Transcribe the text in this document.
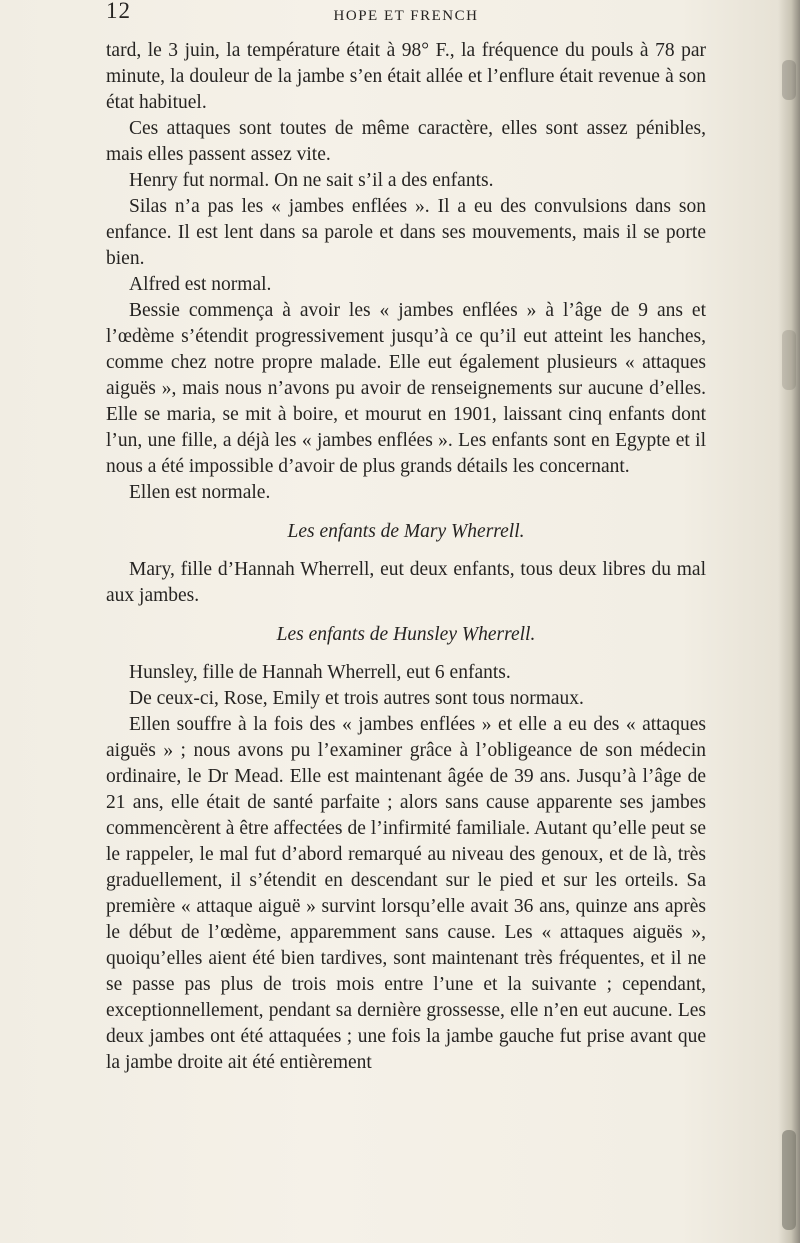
12	HOPE ET FRENCH

tard, le 3 juin, la température était à 98° F., la fréquence du pouls à 78 par minute, la douleur de la jambe s’en était allée et l’enflure était revenue à son état habituel.

Ces attaques sont toutes de même caractère, elles sont assez pénibles, mais elles passent assez vite.

Henry fut normal. On ne sait s’il a des enfants.

Silas n’a pas les « jambes enflées ». Il a eu des convulsions dans son enfance. Il est lent dans sa parole et dans ses mouvements, mais il se porte bien.

Alfred est normal.

Bessie commença à avoir les « jambes enflées » à l’âge de 9 ans et l’œdème s’étendit progressivement jusqu’à ce qu’il eut atteint les hanches, comme chez notre propre malade. Elle eut également plusieurs « attaques aiguës », mais nous n’avons pu avoir de renseignements sur aucune d’elles. Elle se maria, se mit à boire, et mourut en 1901, laissant cinq enfants dont l’un, une fille, a déjà les « jambes enflées ». Les enfants sont en Egypte et il nous a été impossible d’avoir de plus grands détails les concernant.

Ellen est normale.

Les enfants de Mary Wherrell.

Mary, fille d’Hannah Wherrell, eut deux enfants, tous deux libres du mal aux jambes.

Les enfants de Hunsley Wherrell.

Hunsley, fille de Hannah Wherrell, eut 6 enfants.

De ceux-ci, Rose, Emily et trois autres sont tous normaux.

Ellen souffre à la fois des « jambes enflées » et elle a eu des « attaques aiguës » ; nous avons pu l’examiner grâce à l’obligeance de son médecin ordinaire, le Dr Mead. Elle est maintenant âgée de 39 ans. Jusqu’à l’âge de 21 ans, elle était de santé parfaite ; alors sans cause apparente ses jambes commencèrent à être affectées de l’infirmité familiale. Autant qu’elle peut se le rappeler, le mal fut d’abord remarqué au niveau des genoux, et de là, très graduellement, il s’étendit en descendant sur le pied et sur les orteils. Sa première « attaque aiguë » survint lorsqu’elle avait 36 ans, quinze ans après le début de l’œdème, apparemment sans cause. Les « attaques aiguës », quoiqu’elles aient été bien tardives, sont maintenant très fréquentes, et il ne se passe pas plus de trois mois entre l’une et la suivante ; cependant, exceptionnellement, pendant sa dernière grossesse, elle n’en eut aucune. Les deux jambes ont été attaquées ; une fois la jambe gauche fut prise avant que la jambe droite ait été entièrement
